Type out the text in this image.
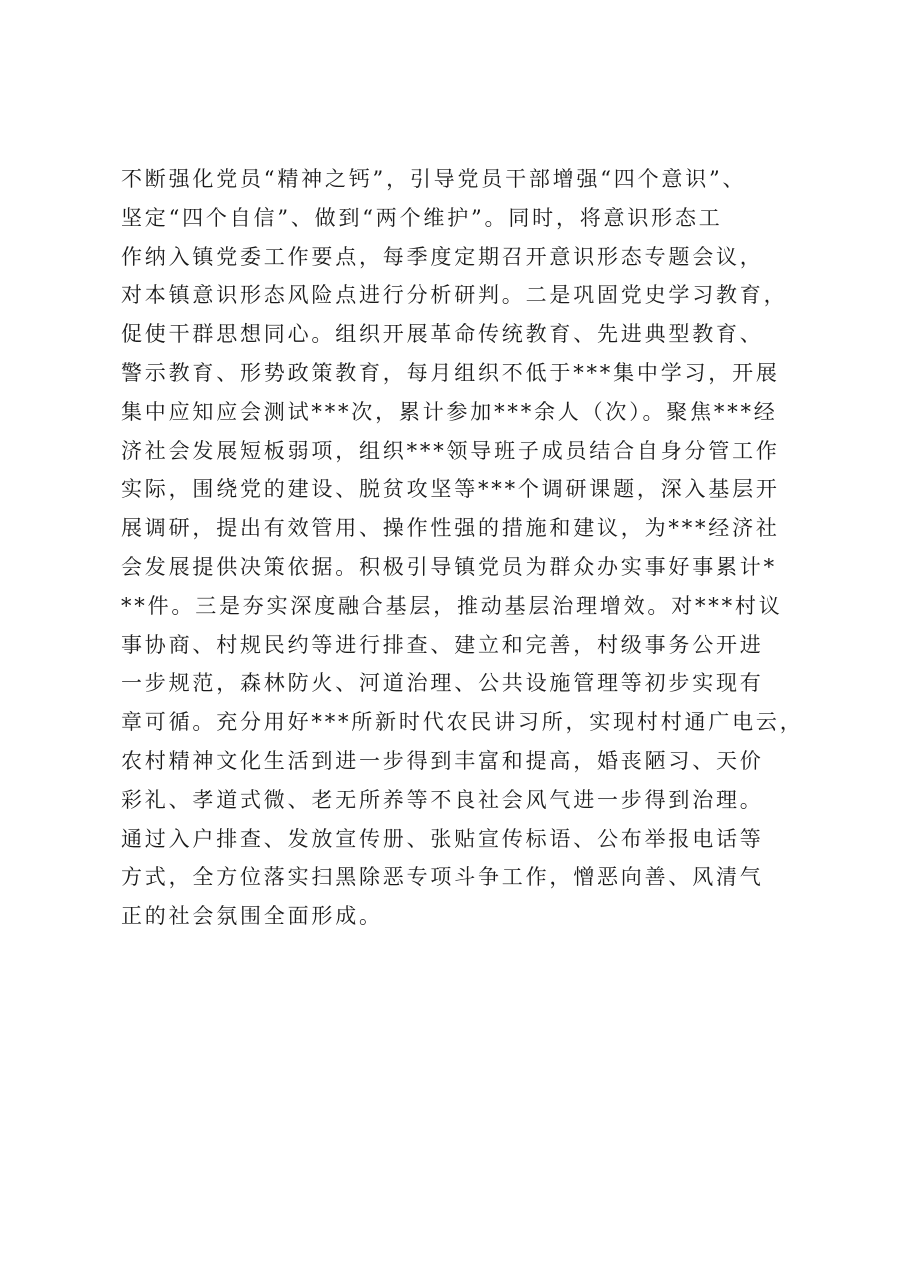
不断强化党员“精神之钙”，引导党员干部增强“四个意识”、
坚定“四个自信”、做到“两个维护”。同时，将意识形态工
作纳入镇党委工作要点，每季度定期召开意识形态专题会议，
对本镇意识形态风险点进行分析研判。二是巩固党史学习教育，
促使干群思想同心。组织开展革命传统教育、先进典型教育、
警示教育、形势政策教育，每月组织不低于***集中学习，开展
集中应知应会测试***次，累计参加***余人（次）。聚焦***经
济社会发展短板弱项，组织***领导班子成员结合自身分管工作
实际，围绕党的建设、脱贫攻坚等***个调研课题，深入基层开
展调研，提出有效管用、操作性强的措施和建议，为***经济社
会发展提供决策依据。积极引导镇党员为群众办实事好事累计*
**件。三是夯实深度融合基层，推动基层治理增效。对***村议
事协商、村规民约等进行排查、建立和完善，村级事务公开进
一步规范，森林防火、河道治理、公共设施管理等初步实现有
章可循。充分用好***所新时代农民讲习所，实现村村通广电云，
农村精神文化生活到进一步得到丰富和提高，婚丧陋习、天价
彩礼、孝道式微、老无所养等不良社会风气进一步得到治理。
通过入户排查、发放宣传册、张贴宣传标语、公布举报电话等
方式，全方位落实扫黑除恶专项斗争工作，憎恶向善、风清气
正的社会氛围全面形成。
